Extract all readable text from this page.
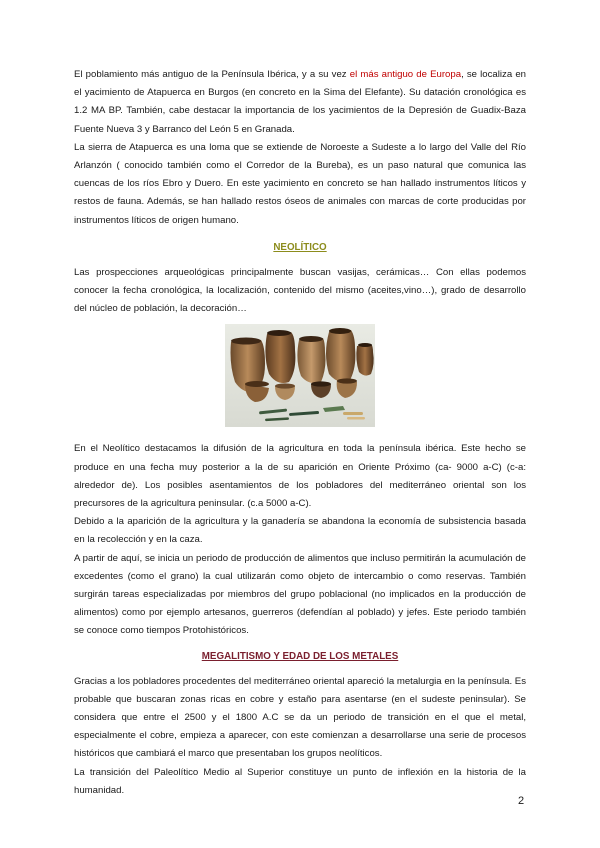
El poblamiento más antiguo de la Península Ibérica, y a su vez el más antiguo de Europa, se localiza en el yacimiento de Atapuerca en Burgos (en concreto en la Sima del Elefante). Su datación cronológica es 1.2 MA BP. También, cabe destacar la importancia de los yacimientos de la Depresión de Guadix-Baza Fuente Nueva 3 y Barranco del León 5 en Granada.

La sierra de Atapuerca es una loma que se extiende de Noroeste a Sudeste a lo largo del Valle del Río Arlanzón ( conocido también como el Corredor de la Bureba), es un paso natural que comunica las cuencas de los ríos Ebro y Duero. En este yacimiento en concreto se han hallado instrumentos líticos y restos de fauna. Además, se han hallado restos óseos de animales con marcas de corte producidas por instrumentos líticos de origen humano.

NEOLÍTICO

Las prospecciones arqueológicas principalmente buscan vasijas, cerámicas… Con ellas podemos conocer la fecha cronológica, la localización, contenido del mismo (aceites,vino…), grado de desarrollo del núcleo de población, la decoración…

En el Neolítico destacamos la difusión de la agricultura en toda la península ibérica. Este hecho se produce en una fecha muy posterior a la de su aparición en Oriente Próximo (ca- 9000 a-C) (c-a: alrededor de). Los posibles asentamientos de los pobladores del mediterráneo oriental son los precursores de la agricultura peninsular. (c.a 5000 a-C).

Debido a la aparición de la agricultura y la ganadería se abandona la economía de subsistencia basada en la recolección y en la caza.

A partir de aquí, se inicia un periodo de producción de alimentos que incluso permitirán la acumulación de excedentes (como el grano) la cual utilizarán como objeto de intercambio o como reservas. También surgirán tareas especializadas por miembros del grupo poblacional (no implicados en la producción de alimentos) como por ejemplo artesanos, guerreros (defendían al poblado) y jefes. Este periodo también se conoce como tiempos Protohistóricos.

MEGALITISMO Y EDAD DE LOS METALES

Gracias a los pobladores procedentes del mediterráneo oriental apareció la metalurgia en la península. Es probable que buscaran zonas ricas en cobre y estaño para asentarse (en el sudeste peninsular). Se considera que entre el 2500 y el 1800 A.C se da un periodo de transición en el que el metal, especialmente el cobre, empieza a aparecer, con este comienzan a desarrollarse una serie de procesos históricos que cambiará el marco que presentaban los grupos neolíticos.

La transición del Paleolítico Medio al Superior constituye un punto de inflexión en la historia de la humanidad.

2
